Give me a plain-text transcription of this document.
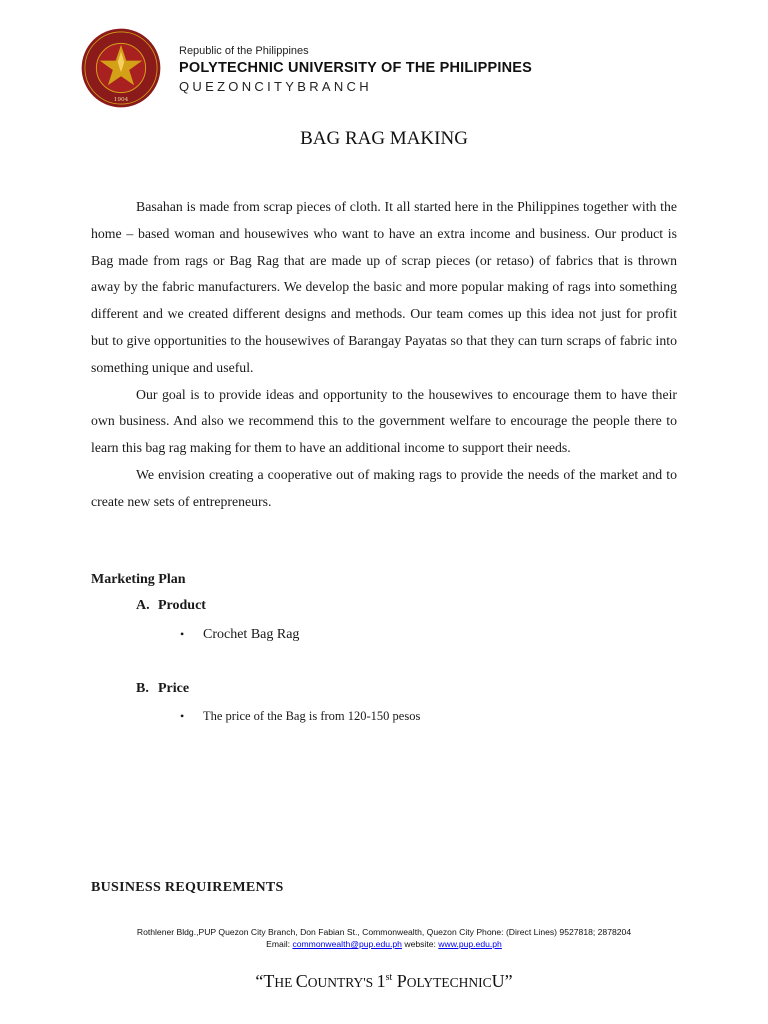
1904
Republic of the Philippines
POLYTECHNIC UNIVERSITY OF THE PHILIPPINES
QUEZONCITYBRANCH
BAG RAG MAKING

Basahan is made from scrap pieces of cloth. It all started here in the Philippines together with the home – based woman and housewives who want to have an extra income and business. Our product is Bag made from rags or Bag Rag that are made up of scrap pieces (or retaso) of fabrics that is thrown away by the fabric manufacturers. We develop the basic and more popular making of rags into something different and we created different designs and methods. Our team comes up this idea not just for profit but to give opportunities to the housewives of Barangay Payatas so that they can turn scraps of fabric into something unique and useful.

Our goal is to provide ideas and opportunity to the housewives to encourage them to have their own business. And also we recommend this to the government welfare to encourage the people there to learn this bag rag making for them to have an additional income to support their needs.

We envision creating a cooperative out of making rags to provide the needs of the market and to create new sets of entrepreneurs.

Marketing Plan
A. Product
• Crochet Bag Rag
B. Price
• The price of the Bag is from 120-150 pesos
BUSINESS REQUIREMENTS
Rothlener Bldg.,PUP Quezon City Branch, Don Fabian St., Commonwealth, Quezon City Phone: (Direct Lines) 9527818; 2878204
Email: commonwealth@pup.edu.ph website: www.pup.edu.ph
“THE COUNTRY'S 1st POLYTECHNICU”
